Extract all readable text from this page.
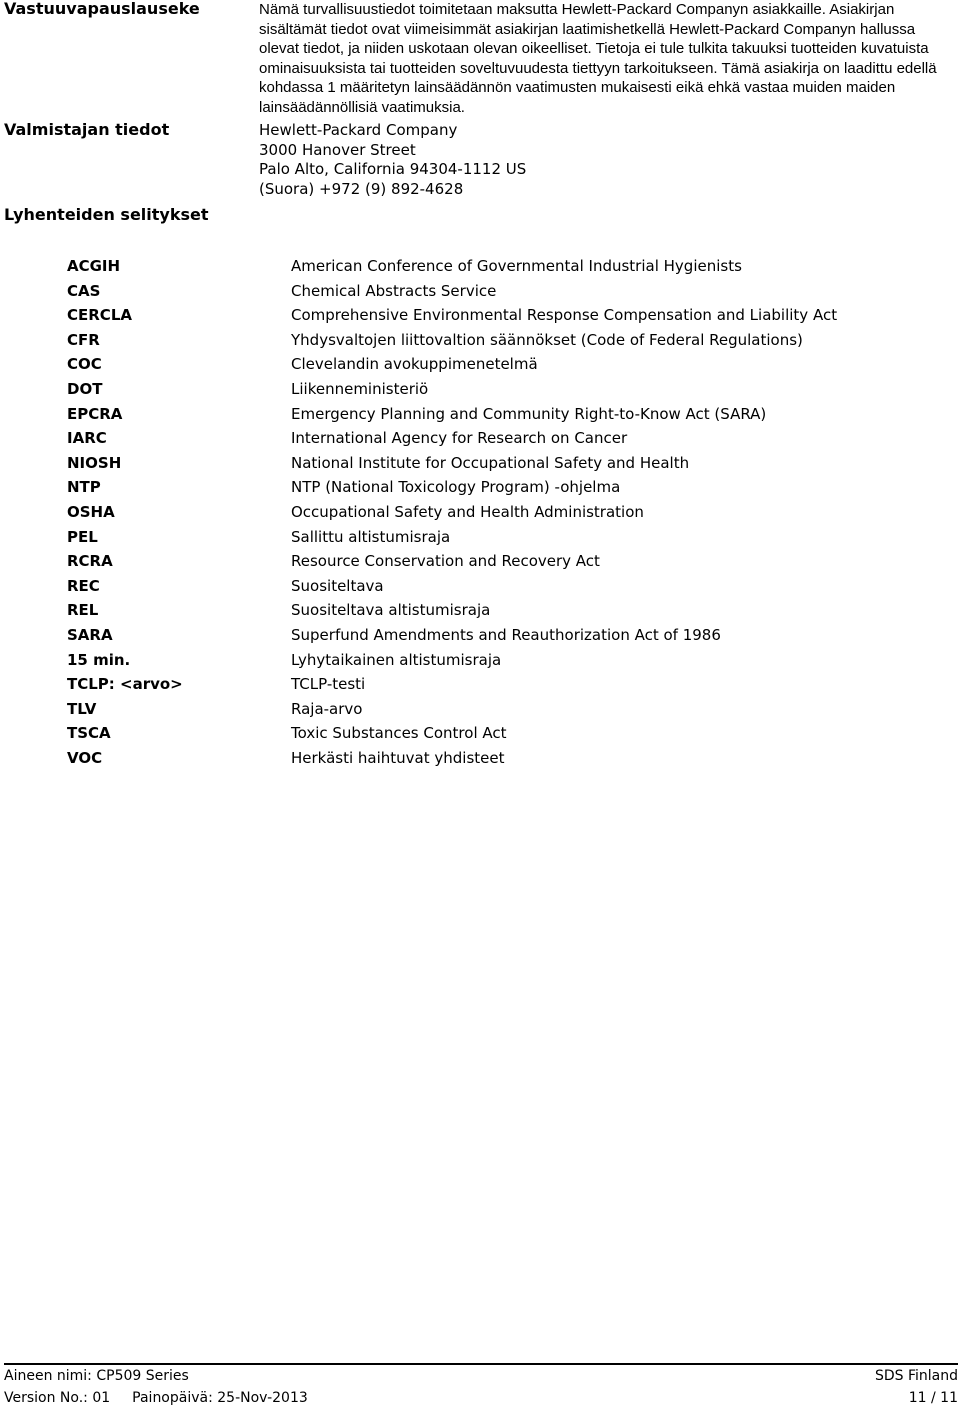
Vastuuvapauslauseke	Nämä turvallisuustiedot toimitetaan maksutta Hewlett-Packard Companyn asiakkaille. Asiakirjan sisältämät tiedot ovat viimeisimmät asiakirjan laatimishetkellä Hewlett-Packard Companyn hallussa olevat tiedot, ja niiden uskotaan olevan oikeelliset. Tietoja ei tule tulkita takuuksi tuotteiden kuvatuista ominaisuuksista tai tuotteiden soveltuvuudesta tiettyyn tarkoitukseen. Tämä asiakirja on laadittu edellä kohdassa 1 määritetyn lainsäädännön vaatimusten mukaisesti eikä ehkä vastaa muiden maiden lainsäädännöllisiä vaatimuksia.

Valmistajan tiedot	Hewlett-Packard Company
3000 Hanover Street
Palo Alto, California 94304-1112 US
(Suora) +972 (9) 892-4628
Lyhenteiden selitykset
ACGIH	American Conference of Governmental Industrial Hygienists
CAS	Chemical Abstracts Service
CERCLA	Comprehensive Environmental Response Compensation and Liability Act
CFR	Yhdysvaltojen liittovaltion säännökset (Code of Federal Regulations)
COC	Clevelandin avokuppimenetelmä
DOT	Liikenneministeriö
EPCRA	Emergency Planning and Community Right-to-Know Act (SARA)
IARC	International Agency for Research on Cancer
NIOSH	National Institute for Occupational Safety and Health
NTP	NTP (National Toxicology Program) -ohjelma
OSHA	Occupational Safety and Health Administration
PEL	Sallittu altistumisraja
RCRA	Resource Conservation and Recovery Act
REC	Suositeltava
REL	Suositeltava altistumisraja
SARA	Superfund Amendments and Reauthorization Act of 1986
15 min.	Lyhytaikainen altistumisraja
TCLP: <arvo>	TCLP-testi
TLV	Raja-arvo
TSCA	Toxic Substances Control Act
VOC	Herkästi haihtuvat yhdisteet
Aineen nimi: CP509 Series	SDS Finland
Version No.: 01 Painopäivä: 25-Nov-2013	11 / 11
